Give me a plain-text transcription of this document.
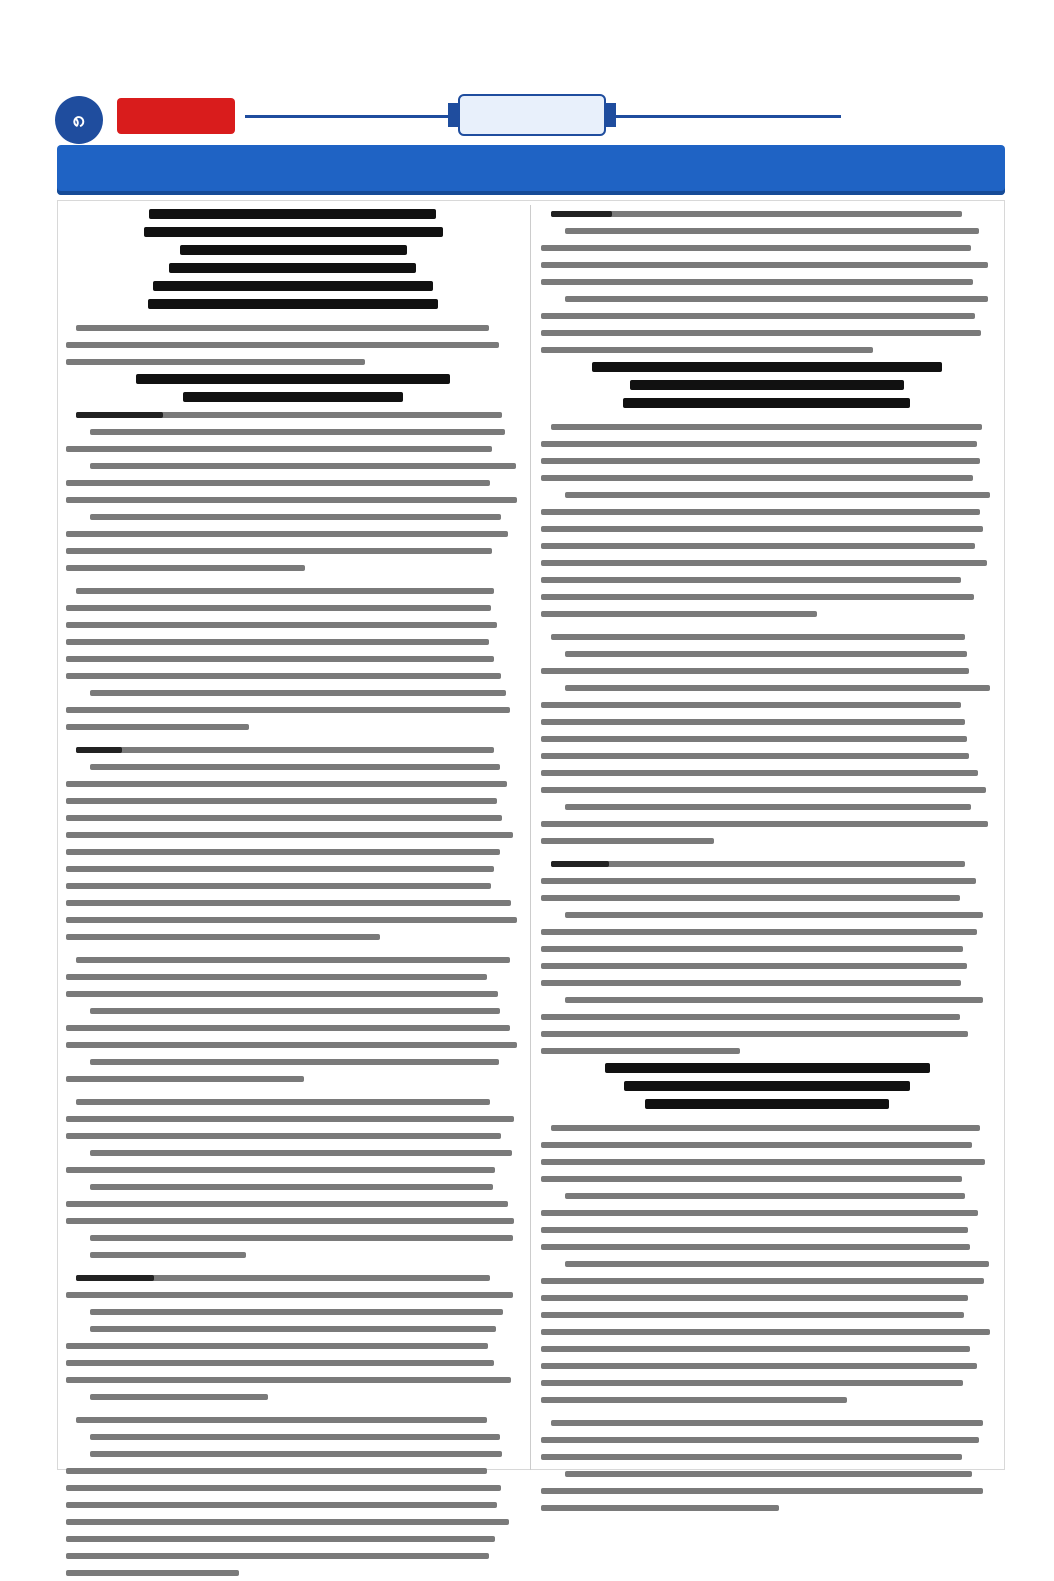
၈
